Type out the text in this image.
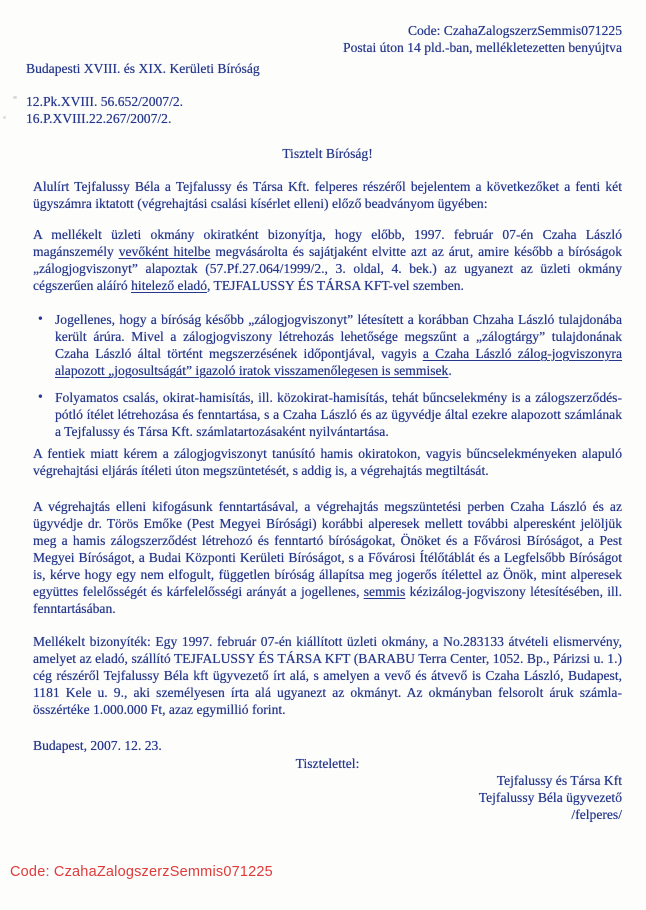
Code: CzahaZalogszerzSemmis071225
Postai úton 14 pld.-ban, mellékletezetten benyújtva
Budapesti XVIII. és XIX. Kerületi Bíróság
12.Pk.XVIII. 56.652/2007/2.
16.P.XVIII.22.267/2007/2.
Tisztelt Bíróság!
Alulírt Tejfalussy Béla a Tejfalussy és Társa Kft. felperes részéről bejelentem a következőket a fenti két ügyszámra iktatott (végrehajtási csalási kísérlet elleni) előző beadványom ügyében:
A mellékelt üzleti okmány okiratként bizonyítja, hogy előbb, 1997. február 07-én Czaha László magánszemély vevőként hitelbe megvásárolta és sajátjaként elvitte azt az árut, amire később a bíróságok „zálogjogviszonyt” alapoztak (57.Pf.27.064/1999/2., 3. oldal, 4. bek.) az ugyanezt az üzleti okmány cégszerűen aláíró hitelező eladó, TEJFALUSSY ÉS TÁRSA KFT-vel szemben.
• Jogellenes, hogy a bíróság később „zálogjogviszonyt” létesített a korábban Chzaha László tulajdonába került árúra. Mivel a zálogjogviszony létrehozás lehetősége megszűnt a „zálogtárgy” tulajdonának Czaha László által történt megszerzésének időpontjával, vagyis a Czaha László zálog-jogviszonyra alapozott „jogosultságát” igazoló iratok visszamenőlegesen is semmisek.
• Folyamatos csalás, okirat-hamisítás, ill. közokirat-hamisítás, tehát bűncselekmény is a zálogszerződés-pótló ítélet létrehozása és fenntartása, s a Czaha László és az ügyvédje által ezekre alapozott számlának a Tejfalussy és Társa Kft. számlatartozásaként nyilvántartása.
A fentiek miatt kérem a zálogjogviszonyt tanúsító hamis okiratokon, vagyis bűncselekményeken alapuló végrehajtási eljárás ítéleti úton megszüntetését, s addig is, a végrehajtás megtiltását.
A végrehajtás elleni kifogásunk fenntartásával, a végrehajtás megszüntetési perben Czaha László és az ügyvédje dr. Törös Emőke (Pest Megyei Bírósági) korábbi alperesek mellett további alperesként jelöljük meg a hamis zálogszerződést létrehozó és fenntartó bíróságokat, Önöket és a Fővárosi Bíróságot, a Pest Megyei Bíróságot, a Budai Központi Kerületi Bíróságot, s a Fővárosi Ítélőtáblát és a Legfelsőbb Bíróságot is, kérve hogy egy nem elfogult, független bíróság állapítsa meg jogerős ítélettel az Önök, mint alperesek együttes felelősségét és kárfelelősségi arányát a jogellenes, semmis kézizálog-jogviszony létesítésében, ill. fenntartásában.
Mellékelt bizonyíték: Egy 1997. február 07-én kiállított üzleti okmány, a No.283133 átvételi elismervény, amelyet az eladó, szállító TEJFALUSSY ÉS TÁRSA KFT (BARABU Terra Center, 1052. Bp., Párizsi u. 1.) cég részéről Tejfalussy Béla kft ügyvezető írt alá, s amelyen a vevő és átvevő is Czaha László, Budapest, 1181 Kele u. 9., aki személyesen írta alá ugyanezt az okmányt. Az okmányban felsorolt áruk számla-összértéke 1.000.000 Ft, azaz egymillió forint.
Budapest, 2007. 12. 23.
Tisztelettel:
Tejfalussy és Társa Kft
Tejfalussy Béla ügyvezető
/felperes/
Code: CzahaZalogszerzSemmis071225
